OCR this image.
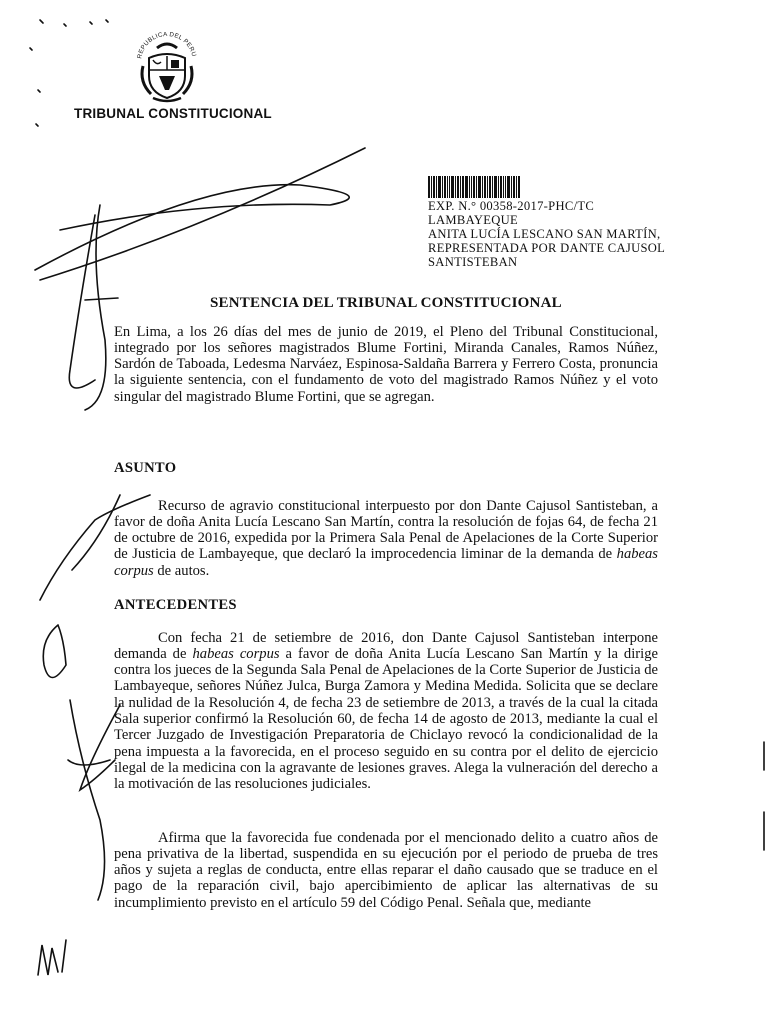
REPUBLICA DEL PERU
TRIBUNAL CONSTITUCIONAL
EXP. N.° 00358-2017-PHC/TC
LAMBAYEQUE
ANITA LUCÍA LESCANO SAN MARTÍN,
REPRESENTADA POR DANTE CAJUSOL
SANTISTEBAN
SENTENCIA DEL TRIBUNAL CONSTITUCIONAL

En Lima, a los 26 días del mes de junio de 2019, el Pleno del Tribunal Constitucional, integrado por los señores magistrados Blume Fortini, Miranda Canales, Ramos Núñez, Sardón de Taboada, Ledesma Narváez, Espinosa-Saldaña Barrera y Ferrero Costa, pronuncia la siguiente sentencia, con el fundamento de voto del magistrado Ramos Núñez y el voto singular del magistrado Blume Fortini, que se agregan.

ASUNTO

Recurso de agravio constitucional interpuesto por don Dante Cajusol Santisteban, a favor de doña Anita Lucía Lescano San Martín, contra la resolución de fojas 64, de fecha 21 de octubre de 2016, expedida por la Primera Sala Penal de Apelaciones de la Corte Superior de Justicia de Lambayeque, que declaró la improcedencia liminar de la demanda de habeas corpus de autos.

ANTECEDENTES

Con fecha 21 de setiembre de 2016, don Dante Cajusol Santisteban interpone demanda de habeas corpus a favor de doña Anita Lucía Lescano San Martín y la dirige contra los jueces de la Segunda Sala Penal de Apelaciones de la Corte Superior de Justicia de Lambayeque, señores Núñez Julca, Burga Zamora y Medina Medida. Solicita que se declare la nulidad de la Resolución 4, de fecha 23 de setiembre de 2013, a través de la cual la citada Sala superior confirmó la Resolución 60, de fecha 14 de agosto de 2013, mediante la cual el Tercer Juzgado de Investigación Preparatoria de Chiclayo revocó la condicionalidad de la pena impuesta a la favorecida, en el proceso seguido en su contra por el delito de ejercicio ilegal de la medicina con la agravante de lesiones graves. Alega la vulneración del derecho a la motivación de las resoluciones judiciales.

Afirma que la favorecida fue condenada por el mencionado delito a cuatro años de pena privativa de la libertad, suspendida en su ejecución por el periodo de prueba de tres años y sujeta a reglas de conducta, entre ellas reparar el daño causado que se traduce en el pago de la reparación civil, bajo apercibimiento de aplicar las alternativas de su incumplimiento previsto en el artículo 59 del Código Penal. Señala que, mediante
